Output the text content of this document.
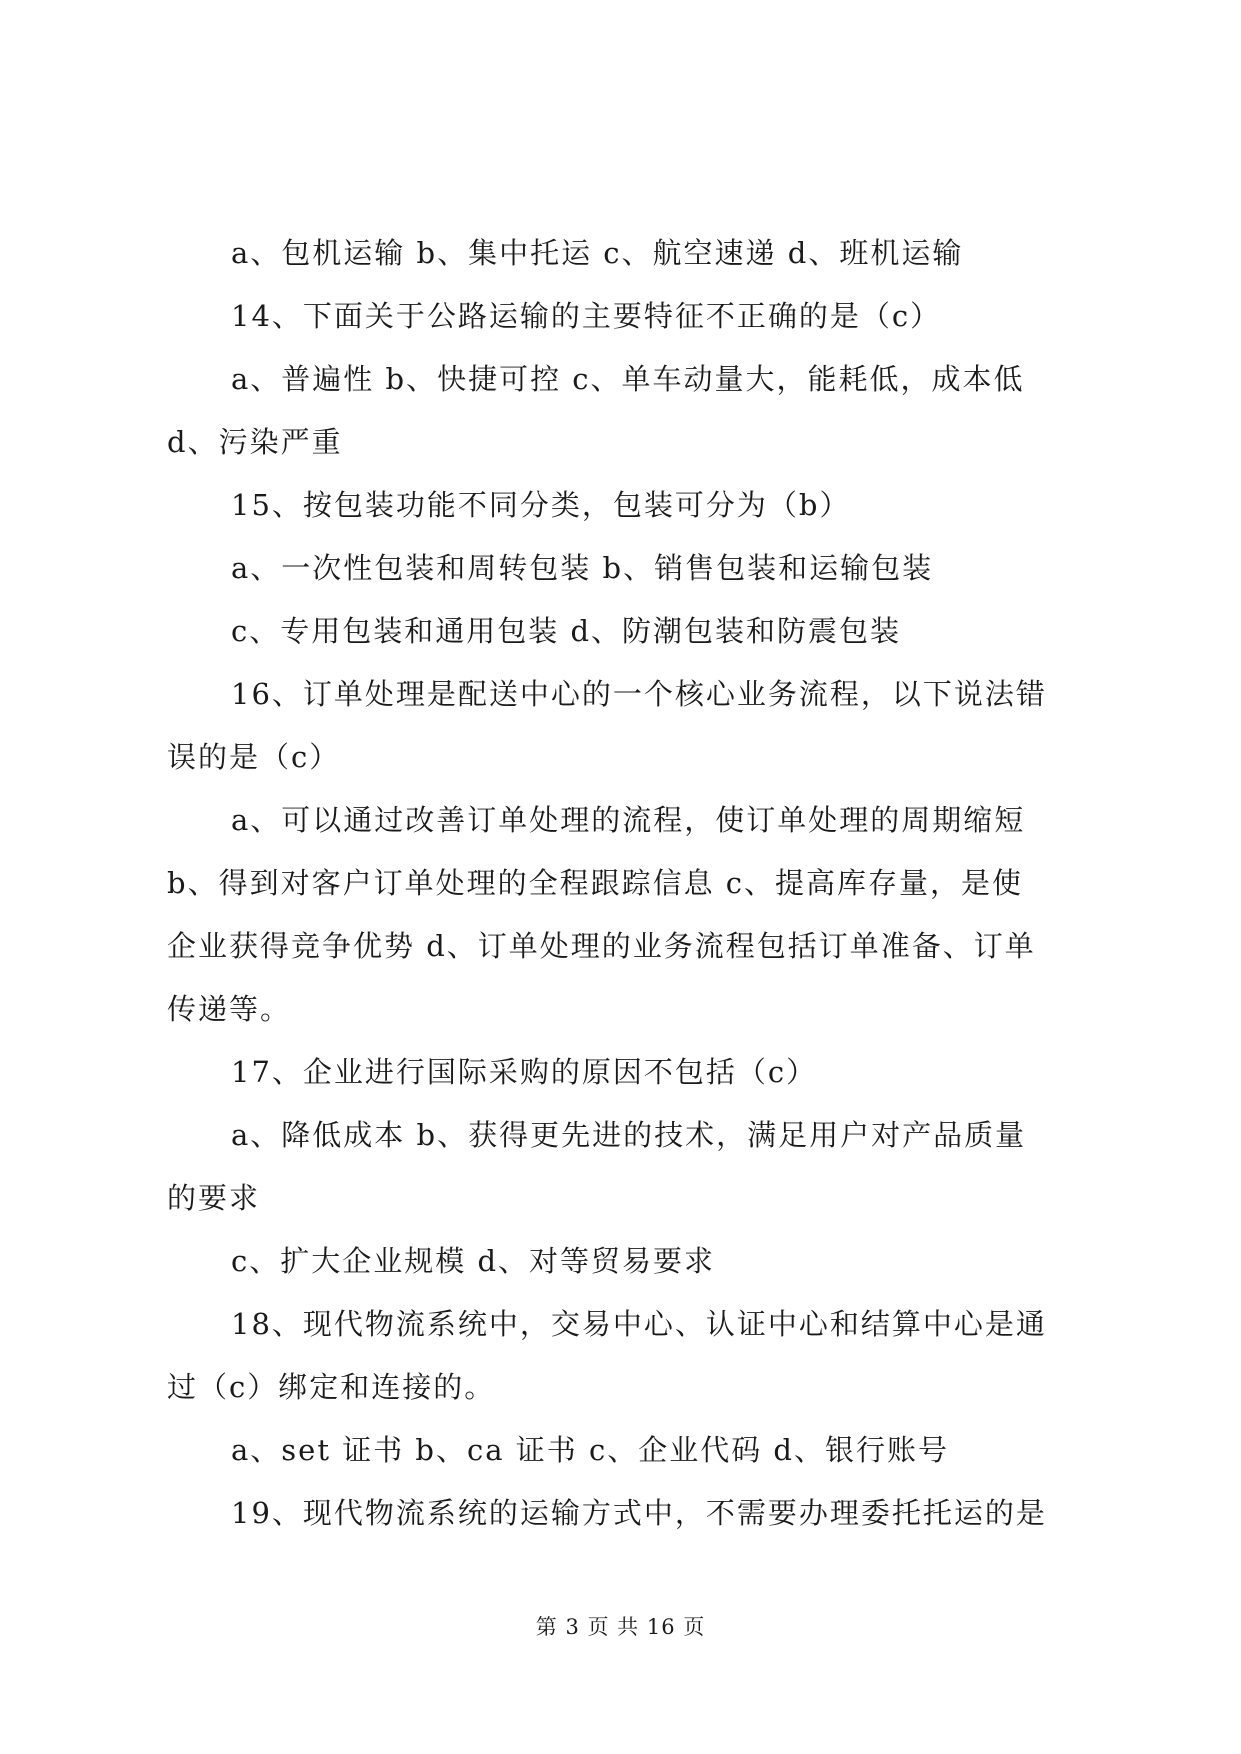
a、包机运输 b、集中托运 c、航空速递 d、班机运输

14、下面关于公路运输的主要特征不正确的是（c）

a、普遍性 b、快捷可控 c、单车动量大，能耗低，成本低

d、污染严重

15、按包装功能不同分类，包装可分为（b）

a、一次性包装和周转包装 b、销售包装和运输包装

c、专用包装和通用包装 d、防潮包装和防震包装

16、订单处理是配送中心的一个核心业务流程，以下说法错

误的是（c）

a、可以通过改善订单处理的流程，使订单处理的周期缩短

b、得到对客户订单处理的全程跟踪信息 c、提高库存量，是使

企业获得竞争优势 d、订单处理的业务流程包括订单准备、订单

传递等。

17、企业进行国际采购的原因不包括（c）

a、降低成本 b、获得更先进的技术，满足用户对产品质量

的要求

c、扩大企业规模 d、对等贸易要求

18、现代物流系统中，交易中心、认证中心和结算中心是通

过（c）绑定和连接的。

a、set 证书 b、ca 证书 c、企业代码 d、银行账号

19、现代物流系统的运输方式中，不需要办理委托托运的是

第 3 页 共 16 页
